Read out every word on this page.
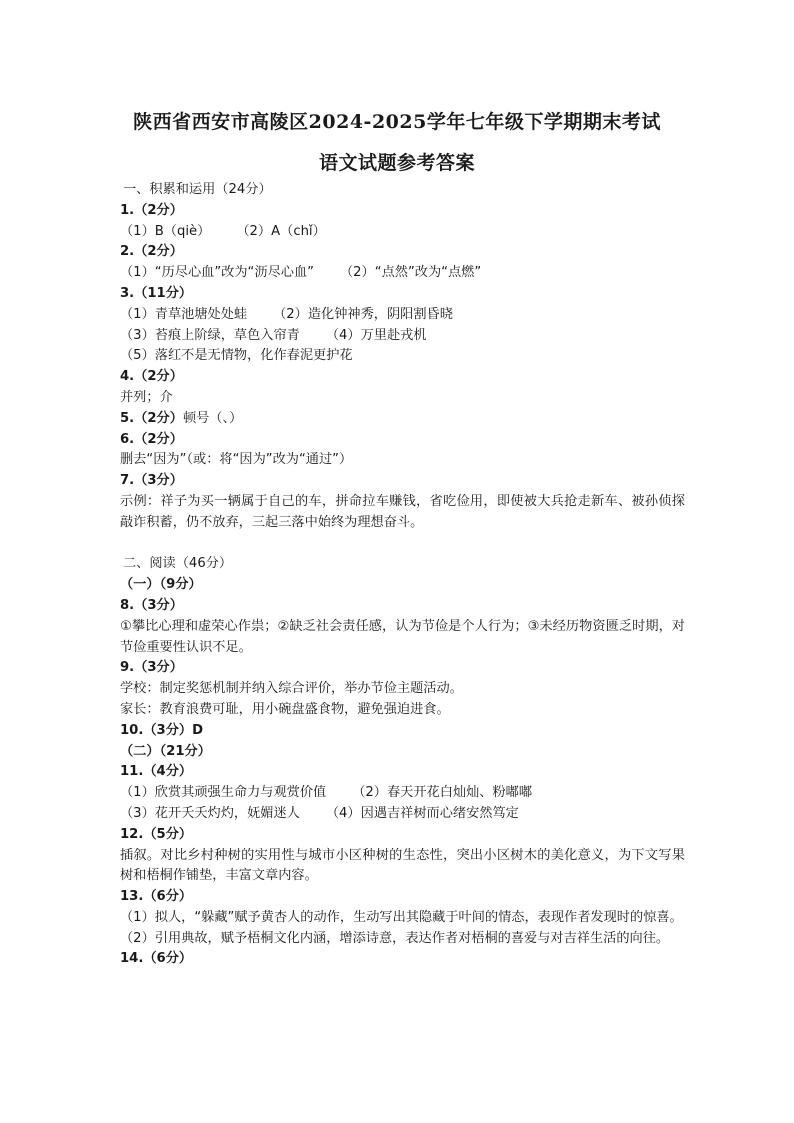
陕西省西安市高陵区2024-2025学年七年级下学期期末考试
语文试题参考答案
一、积累和运用（24分）
1.（2分）
（1）B（qiè） （2）A（chǐ）
2.（2分）
（1）“历尽心血”改为“沥尽心血” （2）“点然”改为“点燃”
3.（11分）
（1）青草池塘处处蛙 （2）造化钟神秀，阴阳割昏晓
（3）苔痕上阶绿，草色入帘青 （4）万里赴戎机
（5）落红不是无情物，化作春泥更护花
4.（2分）
并列；介
5.（2分）顿号（、）
6.（2分）
删去“因为”（或：将“因为”改为“通过”）
7.（3分）
示例：祥子为买一辆属于自己的车，拼命拉车赚钱，省吃俭用，即使被大兵抢走新车、被孙侦探敲诈积蓄，仍不放弃，三起三落中始终为理想奋斗。
二、阅读（46分）
（一）（9分）
8.（3分）
①攀比心理和虚荣心作祟；②缺乏社会责任感，认为节俭是个人行为；③未经历物资匮乏时期，对节俭重要性认识不足。
9.（3分）
学校：制定奖惩机制并纳入综合评价，举办节俭主题活动。
家长：教育浪费可耻，用小碗盘盛食物，避免强迫进食。
10.（3分）D
（二）（21分）
11.（4分）
（1）欣赏其顽强生命力与观赏价值 （2）春天开花白灿灿、粉嘟嘟
（3）花开夭夭灼灼，妩媚迷人 （4）因遇吉祥树而心绪安然笃定
12.（5分）
插叙。对比乡村种树的实用性与城市小区种树的生态性，突出小区树木的美化意义，为下文写果树和梧桐作铺垫，丰富文章内容。
13.（6分）
（1）拟人，“躲藏”赋予黄杏人的动作，生动写出其隐藏于叶间的情态，表现作者发现时的惊喜。
（2）引用典故，赋予梧桐文化内涵，增添诗意，表达作者对梧桐的喜爱与对吉祥生活的向往。
14.（6分）
